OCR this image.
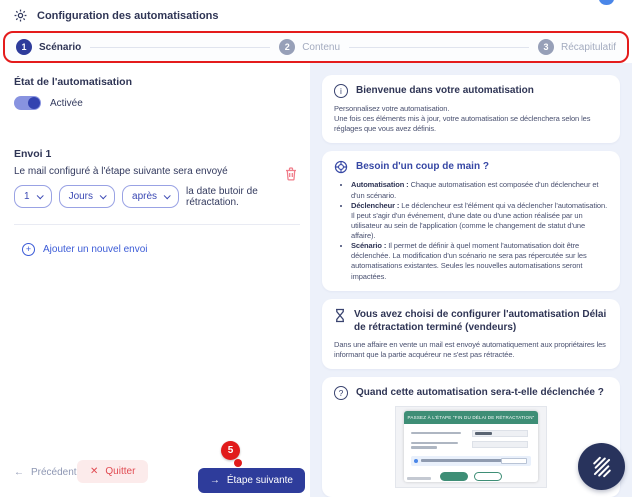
Configuration des automatisations
1	Scénario	2	Contenu	3	Récapitulatif
État de l'automatisation
Activée
Envoi 1
Le mail configuré à l'étape suivante sera envoyé
1	Jours	après	la date butoir de rétractation.
+	Ajouter un nouvel envoi
← Précédent ✕ Quitter
→ Étape suivante
5
i	Bienvenue dans votre automatisation
Personnalisez votre automatisation.
Une fois ces éléments mis à jour, votre automatisation se déclenchera selon les réglages que vous avez définis.
Besoin d'un coup de main ?
• Automatisation : Chaque automatisation est composée d'un déclencheur et d'un scénario.
• Déclencheur : Le déclencheur est l'élément qui va déclencher l'automatisation. Il peut s'agir d'un événement, d'une date ou d'une action réalisée par un utilisateur au sein de l'application (comme le changement de statut d'une affaire).
• Scénario : Il permet de définir à quel moment l'automatisation doit être déclenchée. La modification d'un scénario ne sera pas répercutée sur les automatisations existantes. Seules les nouvelles automatisations seront impactées.
Vous avez choisi de configurer l'automatisation Délai de rétractation terminé (vendeurs)
Dans une affaire en vente un mail est envoyé automatiquement aux propriétaires les informant que la partie acquéreur ne s'est pas rétractée.
?	Quand cette automatisation sera-t-elle déclenchée ?
PASSEZ À L'ÉTAPE "FIN DU DÉLAI DE RÉTRACTATION"
